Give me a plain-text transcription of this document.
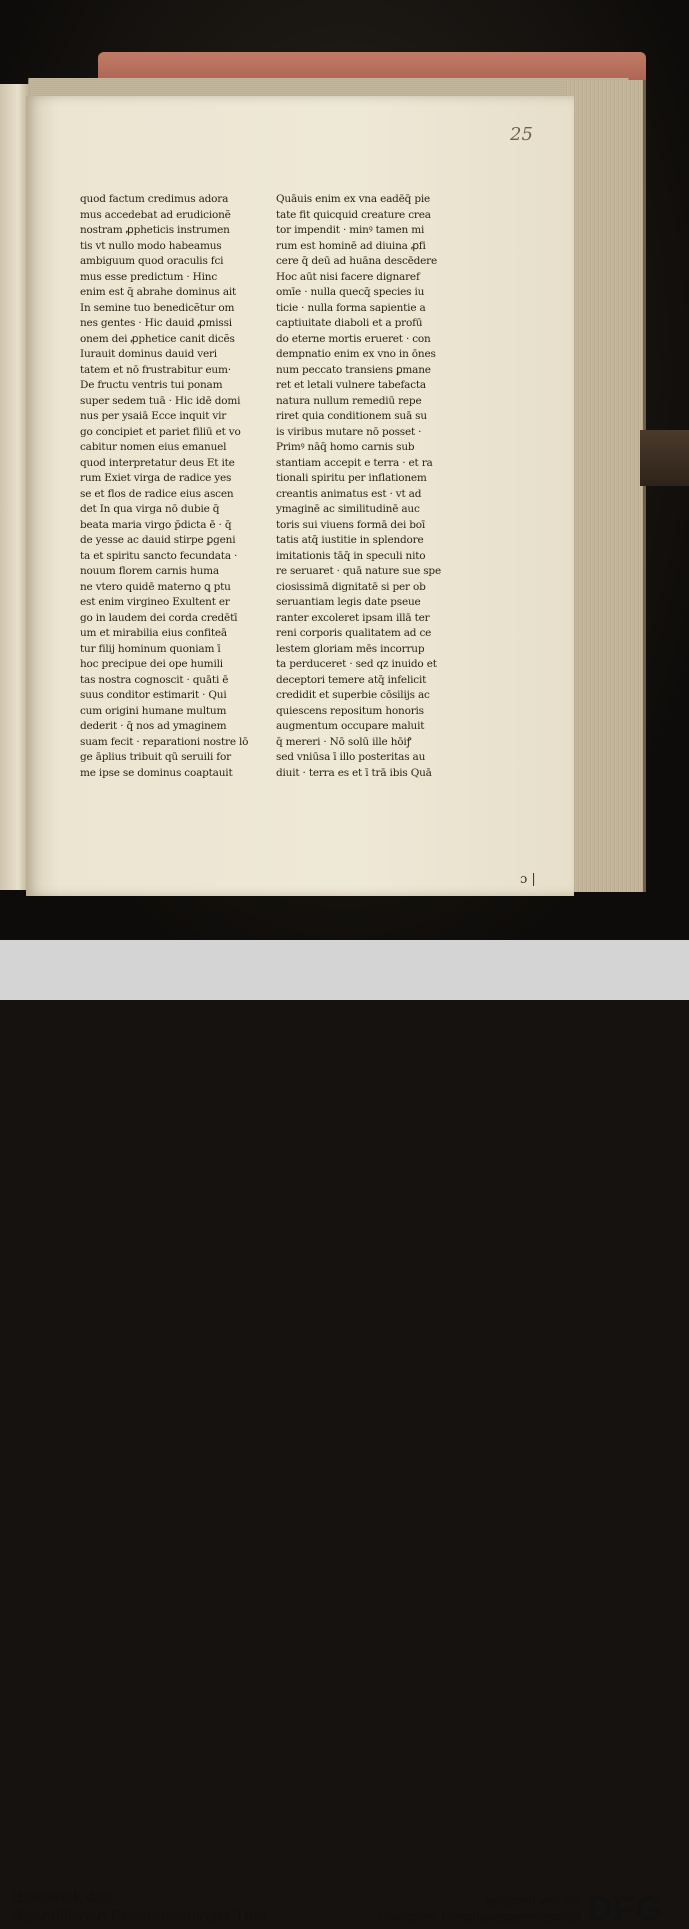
25
quod factum credimus adora
mus accedebat ad erudicionẽ
nostram ꝓpheticis instrumen
tis vt nullo modo habeamus
ambiguum quod oraculis fci
mus esse predictum · Hinc
enim est q̄ abrahe dominus ait
In semine tuo benedicẽtur om
nes gentes · Hic dauid ꝓmissi
onem dei ꝓphetice canit dicẽs
Iurauit dominus dauid veri
tatem et nō frustrabitur eum·
De fructu ventris tui ponam
super sedem tuā · Hic idē domi
nus per ysaiā Ecce inquit vir
go concipiet et pariet filiū et vo
cabitur nomen eius emanuel
quod interpretatur deus Et ite
rum Exiet virga de radice yes
se et flos de radice eius ascen
det In qua virga nō dubie q̄
beata maria virgo p̄dicta ē · q̄
de yesse ac dauid stirpe ꝑgeni
ta et spiritu sancto fecundata ·
nouum florem carnis huma
ne vtero quidē materno ꝗ ptu
est enim virgineo Exultent er
go in laudem dei corda credētī
um et mirabilia eius confiteā
tur filij hominum quoniam ī
hoc precipue dei ope humili
tas nostra cognoscit · quāti ē
suus conditor estimarit · Qui
cum origini humane multum
dederit · q̄ nos ad ymaginem
suam fecit · reparationi nostre lō
ge āplius tribuit qū seruili for
me ipse se dominus coaptauit
Quāuis enim ex vna eadēq̄ pie
tate fit quicquid creature crea
tor impendit · minꝰ tamen mi
rum est hominē ad diuina ꝓfi
cere q̄ deū ad huāna descēdere
Hoc aūt nisi facere dignaref
omīe · nulla quecq̄ species iu
ticie · nulla forma sapientie a
captiuitate diaboli et a profū
do eterne mortis erueret · con
dempnatio enim ex vno in ōnes
num peccato transiens ꝑmane
ret et letali vulnere tabefacta
natura nullum remediū repe
riret quia conditionem suā su
is viribus mutare nō posset ·
Primꝰ nāq̄ homo carnis sub
stantiam accepit e terra · et ra
tionali spiritu per inflationem
creantis animatus est · vt ad
ymaginē ac similitudinē auc
toris sui viuens formā dei boī
tatis atq̄ iustitie in splendore
imitationis tāq̄ in speculi nito
re seruaret · quā nature sue spe
ciosissimā dignitatē si per ob
seruantiam legis date pseue
ranter excoleret ipsam illā ter
reni corporis qualitatem ad ce
lestem gloriam mēs incorrup
ta perduceret · sed qz inuido et
deceptori temere atq̄ infelicit
credidit et superbie cōsilijs ac
quiescens repositum honoris
augmentum occupare maluit
q̄ mereri · Nō solū ille hōiꝭ
sed vniūsa ī illo posteritas au
diuit · terra es et ī trā ibis Quā
ɔ |
Bibliothek des
Bischöflichen Priesterseminars Trier
gefördert von der
Deutschen Forschungsgemeinschaft DFG
